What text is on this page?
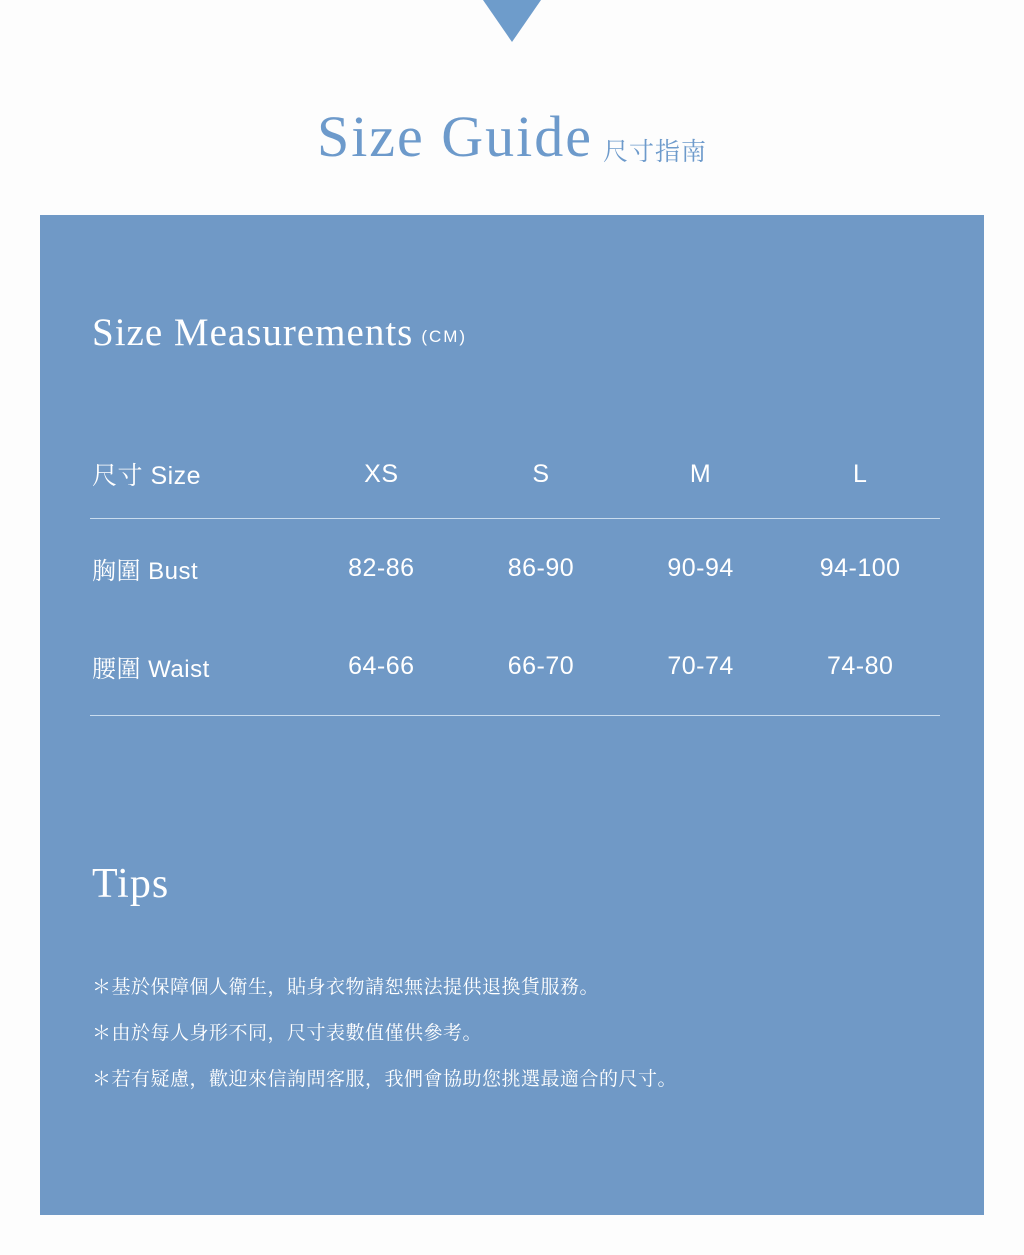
Size Guide 尺寸指南
Size Measurements (CM)
尺寸 Size	XS	S	M	L
胸圍 Bust	82-86	86-90	90-94	94-100
腰圍 Waist	64-66	66-70	70-74	74-80
Tips
＊基於保障個人衛生，貼身衣物請恕無法提供退換貨服務。
＊由於每人身形不同，尺寸表數值僅供參考。
＊若有疑慮，歡迎來信詢問客服，我們會協助您挑選最適合的尺寸。
